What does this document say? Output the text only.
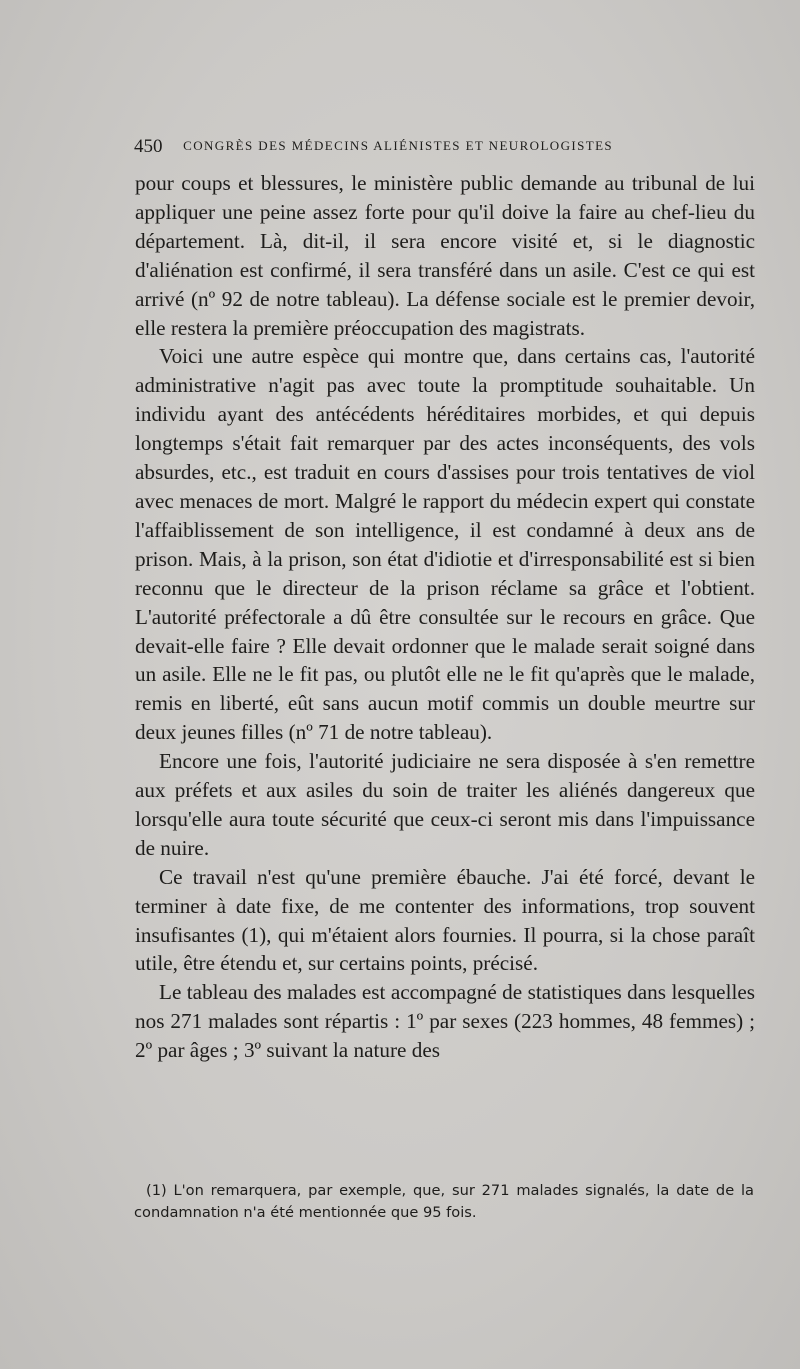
450 CONGRÈS DES MÉDECINS ALIÉNISTES ET NEUROLOGISTES

pour coups et blessures, le ministère public demande au tribunal de lui appliquer une peine assez forte pour qu'il doive la faire au chef-lieu du département. Là, dit-il, il sera encore visité et, si le diagnostic d'aliénation est confirmé, il sera transféré dans un asile. C'est ce qui est arrivé (nº 92 de notre tableau). La défense sociale est le premier devoir, elle restera la première préoccupation des magistrats.

Voici une autre espèce qui montre que, dans certains cas, l'autorité administrative n'agit pas avec toute la promptitude souhaitable. Un individu ayant des antécédents héréditaires morbides, et qui depuis longtemps s'était fait remarquer par des actes inconséquents, des vols absurdes, etc., est traduit en cours d'assises pour trois tentatives de viol avec menaces de mort. Malgré le rapport du médecin expert qui constate l'affaiblissement de son intelligence, il est condamné à deux ans de prison. Mais, à la prison, son état d'idiotie et d'irresponsabilité est si bien reconnu que le directeur de la prison réclame sa grâce et l'obtient. L'autorité préfectorale a dû être consultée sur le recours en grâce. Que devait-elle faire ? Elle devait ordonner que le malade serait soigné dans un asile. Elle ne le fit pas, ou plutôt elle ne le fit qu'après que le malade, remis en liberté, eût sans aucun motif commis un double meurtre sur deux jeunes filles (nº 71 de notre tableau).

Encore une fois, l'autorité judiciaire ne sera disposée à s'en remettre aux préfets et aux asiles du soin de traiter les aliénés dangereux que lorsqu'elle aura toute sécurité que ceux-ci seront mis dans l'impuissance de nuire.

Ce travail n'est qu'une première ébauche. J'ai été forcé, devant le terminer à date fixe, de me contenter des informations, trop souvent insufisantes (1), qui m'étaient alors fournies. Il pourra, si la chose paraît utile, être étendu et, sur certains points, précisé.

Le tableau des malades est accompagné de statistiques dans lesquelles nos 271 malades sont répartis : 1º par sexes (223 hommes, 48 femmes) ; 2º par âges ; 3º suivant la nature des

(1) L'on remarquera, par exemple, que, sur 271 malades signalés, la date de la condamnation n'a été mentionnée que 95 fois.
